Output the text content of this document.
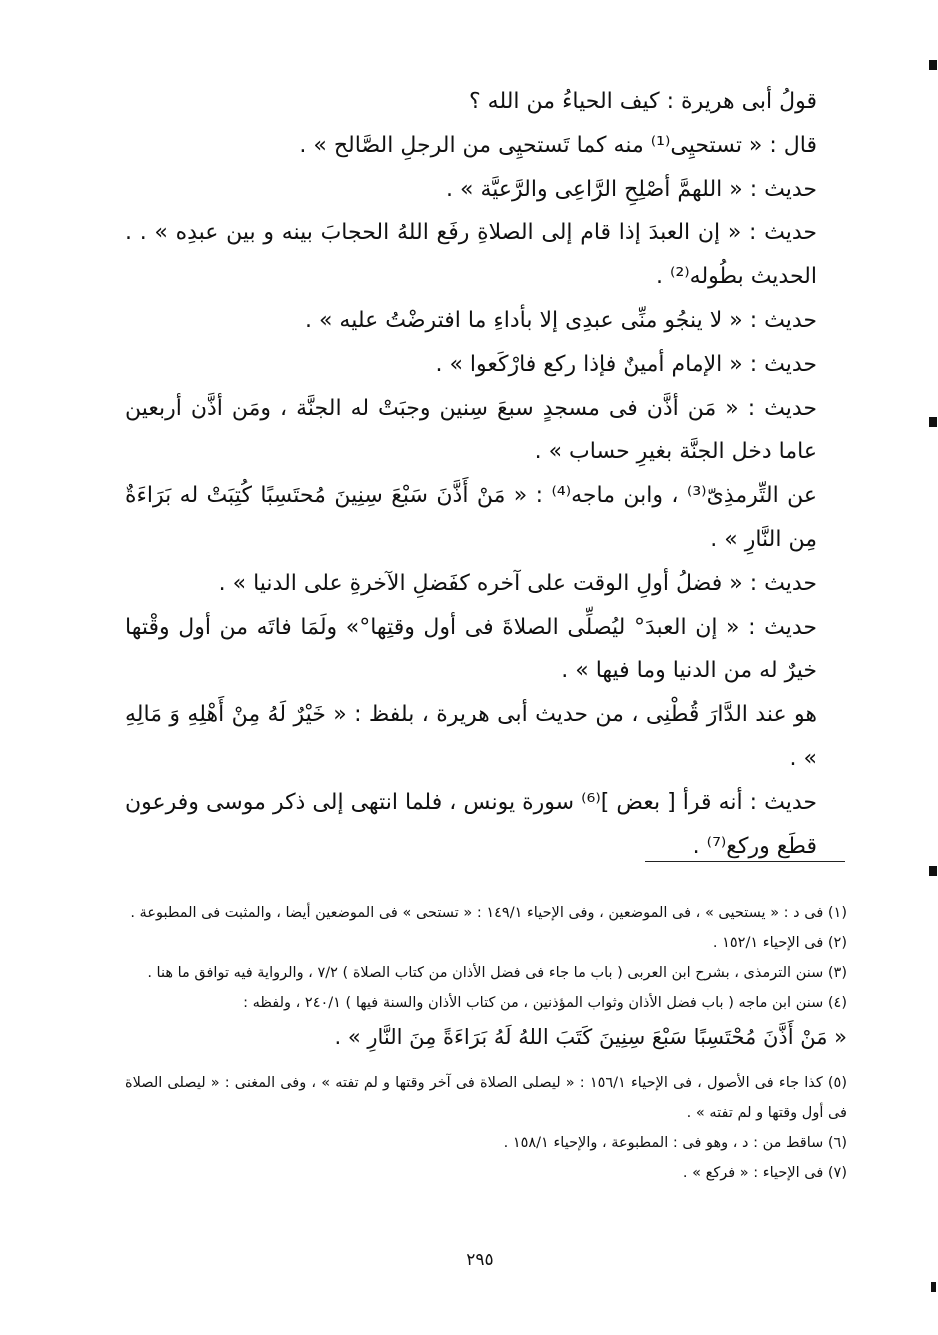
قولُ أبى هريرة : كيف الحياءُ من الله ؟

قال : « تستحيِى⁽¹⁾ منه كما تَستحيِى من الرجلِ الصَّالح » .

حديث : « اللهمَّ أصْلِحِ الرَّاعِى والرَّعيَّة » .

حديث : « إن العبدَ إذا قام إلى الصلاةِ رفَع اللهُ الحجابَ بينه و بين عبدِه » . . الحديث بطُوله⁽²⁾ .

حديث : « لا ينجُو منِّى عبدِى إلا بأداءِ ما افترضْتُ عليه » .

حديث : « الإمام أمينٌ فإذا ركع فارْكَعوا » .

حديث : « مَن أذَّن فى مسجدٍ سبعَ سِنين وجبَتْ له الجنَّة ، ومَن أذَّن أربعين عاما دخل الجنَّة بغيرِ حساب » .

عن التِّرمذِىّ⁽³⁾ ، وابن ماجه⁽⁴⁾ : « مَنْ أَذَّنَ سَبْعَ سِنِينَ مُحتَسِبًا كُتِبَتْ له بَرَاءَةٌ مِن النَّارِ » .

حديث : « فضلُ أولِ الوقت على آخره كفَضلِ الآخرةِ على الدنيا » .

حديث : « إن العبدَ° ليُصلِّى الصلاةَ فى أول وقتِها°» ولَمَا فاتَه من أول وقْتها خيرٌ له من الدنيا وما فيها » .

هو عند الدَّارَ قُطْنِى ، من حديث أبى هريرة ، بلفظ : « خَيْرٌ لَهُ مِنْ أَهْلِهِ وَ مَالِهِ » .

حديث : أنه قرأ [ بعض ]⁽⁶⁾ سورة يونس ، فلما انتهى إلى ذكر موسى وفرعون قطَع وركع⁽⁷⁾ .

(١) فى د : « يستحيى » ، فى الموضعين ، وفى الإحياء ١٤٩/١ : « تستحى » فى الموضعين أيضا ، والمثبت فى المطبوعة .

(٢) فى الإحياء ١٥٢/١ .

(٣) سنن الترمذى ، بشرح ابن العربى ( باب ما جاء فى فضل الأذان من كتاب الصلاة ) ٧/٢ ، والرواية فيه توافق ما هنا .

(٤) سنن ابن ماجه ( باب فضل الأذان وثواب المؤذنين ، من كتاب الأذان والسنة فيها ) ٢٤٠/١ ، ولفظه :

« مَنْ أَذَّنَ مُحْتَسِبًا سَبْعَ سِنِينَ كَتَبَ اللهُ لَهُ بَرَاءَةً مِنَ النَّارِ » .

(٥) كذا جاء فى الأصول ، فى الإحياء ١٥٦/١ : « ليصلى الصلاة فى آخر وقتها و لم تفته » ، وفى المغنى : « ليصلى الصلاة فى أول وقتها و لم تفته » .

(٦) ساقط من : د ، وهو فى : المطبوعة ، والإحياء ١٥٨/١ .

(٧) فى الإحياء : « فركع » .

٢٩٥
